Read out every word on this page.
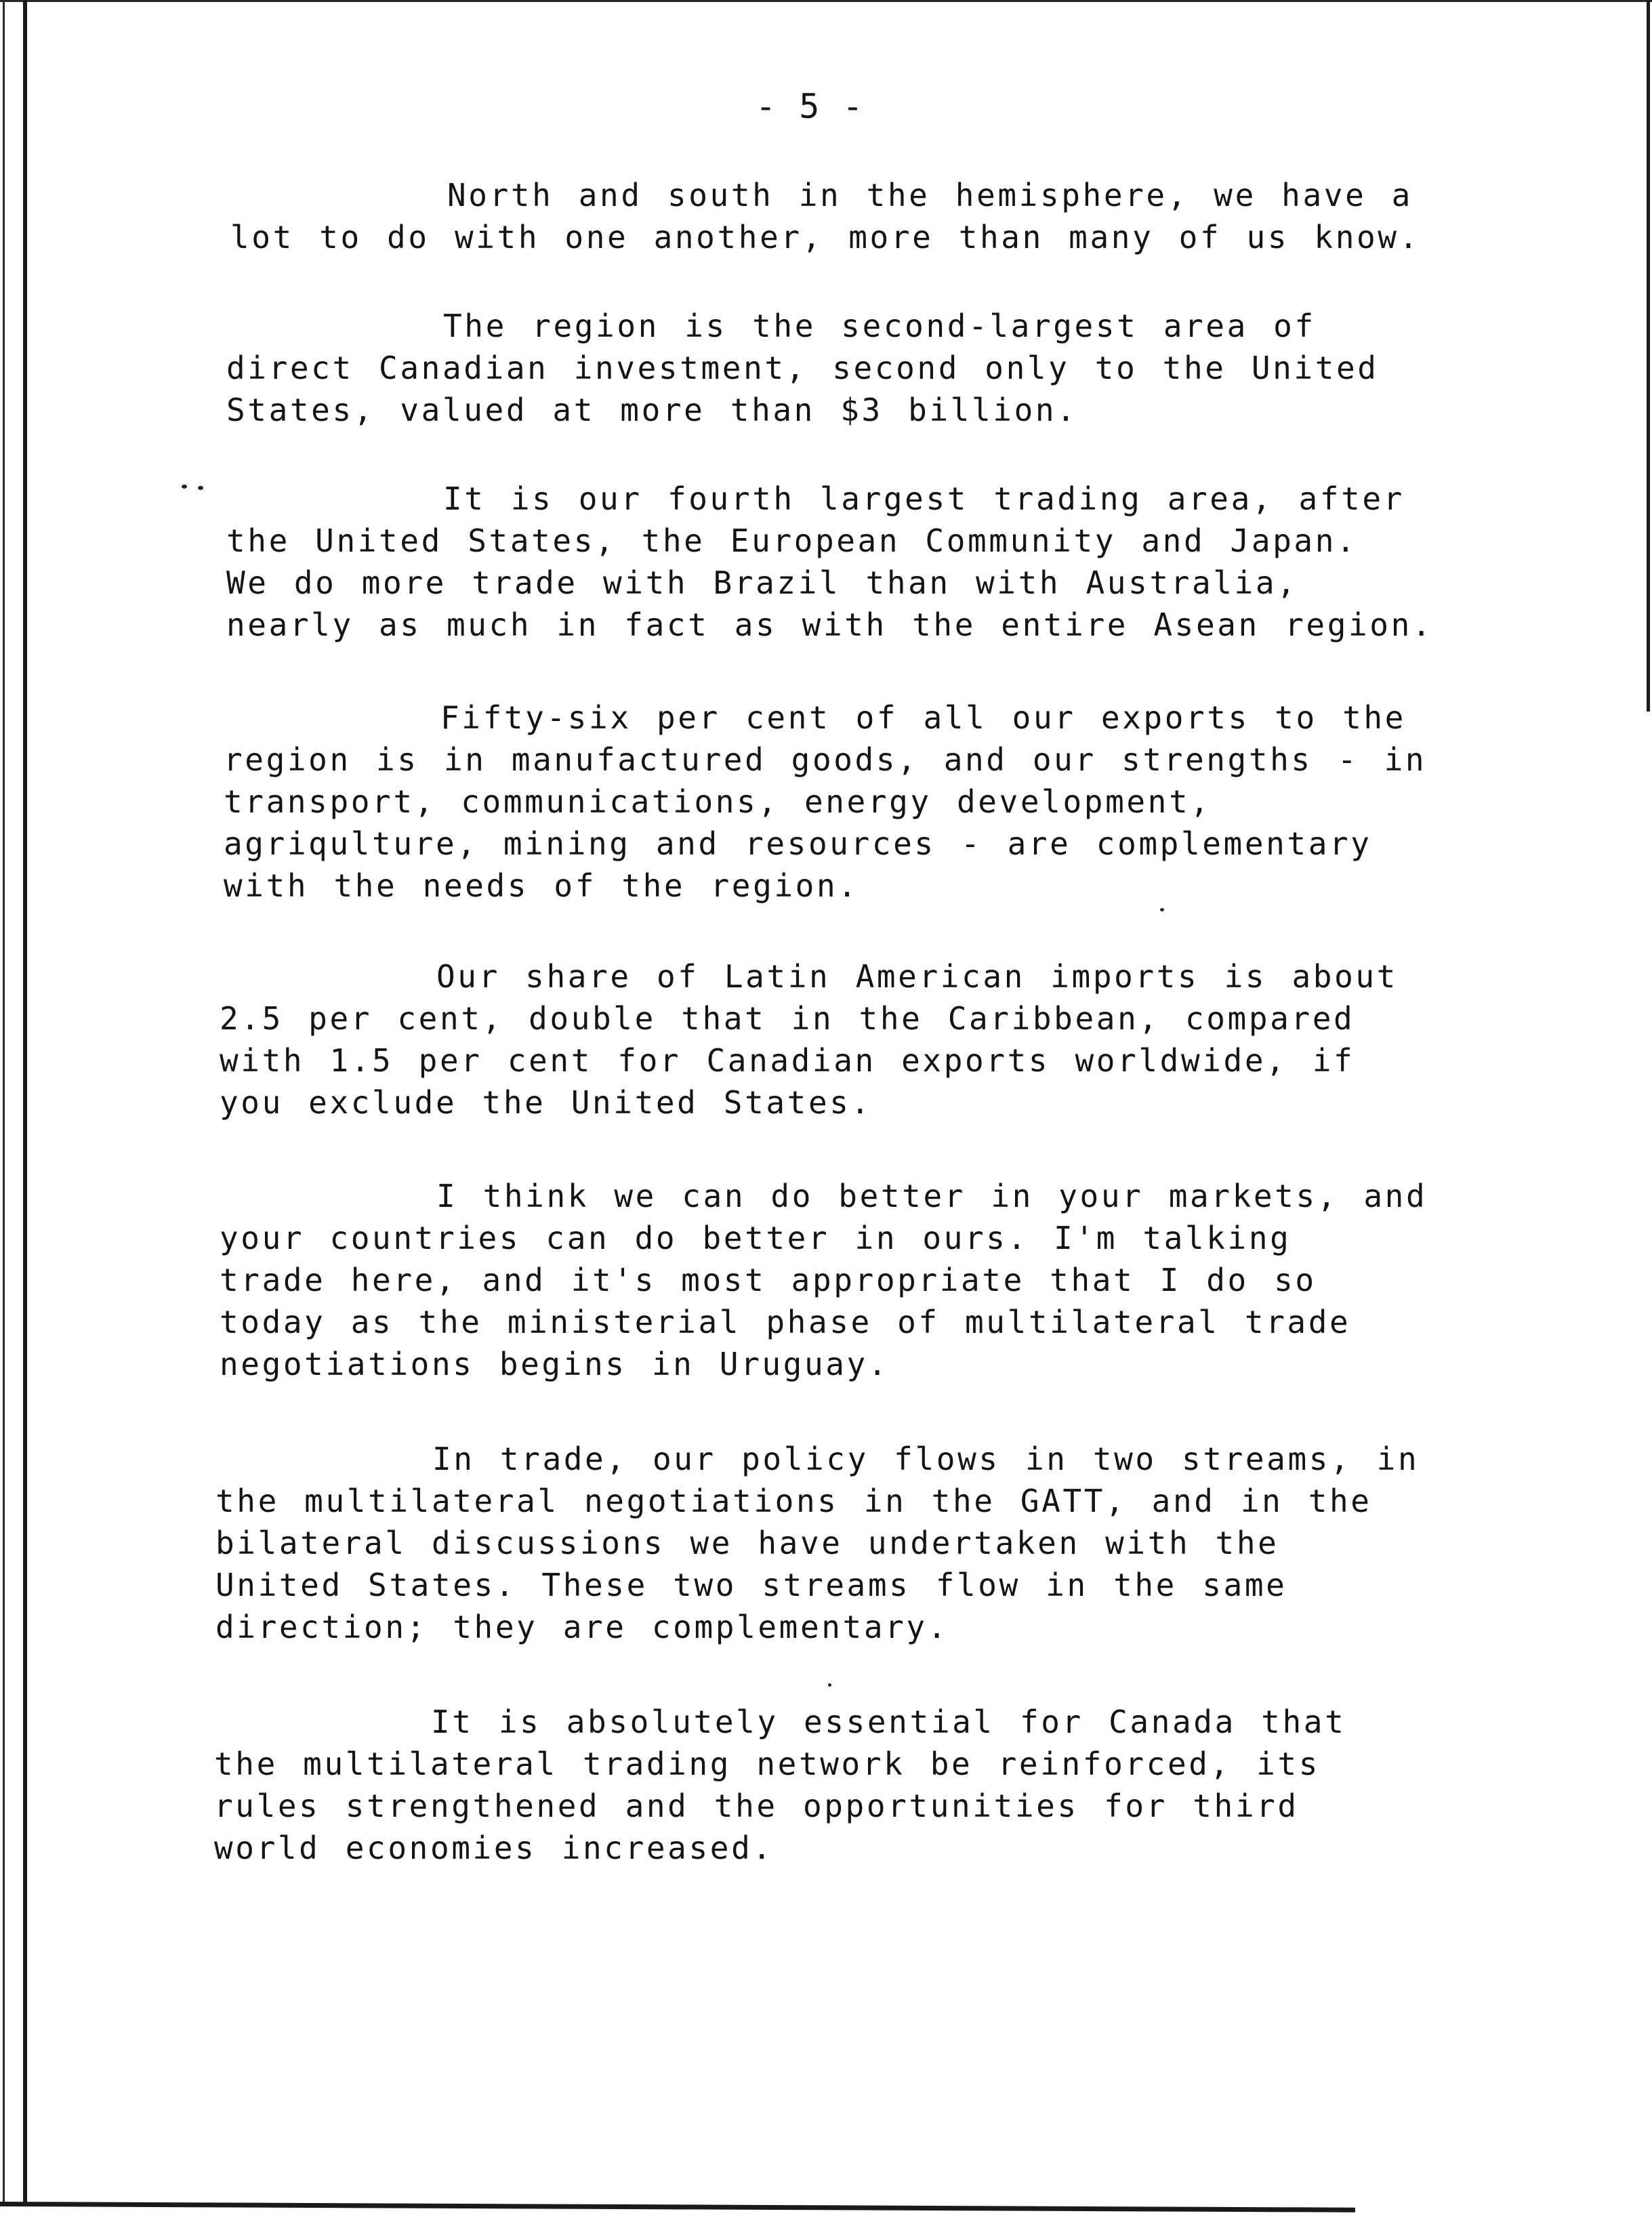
- 5 -
North and south in the hemisphere, we have a
lot to do with one another, more than many of us know.
The region is the second-largest area of
direct Canadian investment, second only to the United
States, valued at more than $3 billion.
It is our fourth largest trading area, after
the United States, the European Community and Japan.
We do more trade with Brazil than with Australia,
nearly as much in fact as with the entire Asean region.
Fifty-six per cent of all our exports to the
region is in manufactured goods, and our strengths - in
transport, communications, energy development,
agriqulture, mining and resources - are complementary
with the needs of the region.
Our share of Latin American imports is about
2.5 per cent, double that in the Caribbean, compared
with 1.5 per cent for Canadian exports worldwide, if
you exclude the United States.
I think we can do better in your markets, and
your countries can do better in ours. I'm talking
trade here, and it's most appropriate that I do so
today as the ministerial phase of multilateral trade
negotiations begins in Uruguay.
In trade, our policy flows in two streams, in
the multilateral negotiations in the GATT, and in the
bilateral discussions we have undertaken with the
United States. These two streams flow in the same
direction; they are complementary.
It is absolutely essential for Canada that
the multilateral trading network be reinforced, its
rules strengthened and the opportunities for third
world economies increased.
